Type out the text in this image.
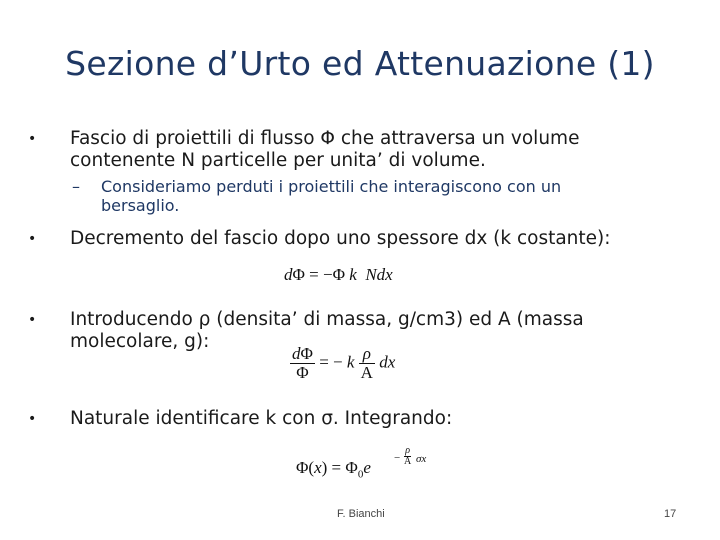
Sezione d’Urto ed Attenuazione (1)
• Fascio di proiettili di flusso Φ che attraversa un volume
contenente N particelle per unita’ di volume.
– Consideriamo perduti i proiettili che interagiscono con un
bersaglio.
• Decremento del fascio dopo uno spessore dx (k costante):
dΦ = −Φ k Ndx
• Introducendo ρ (densita’ di massa, g/cm3) ed A (massa
molecolare, g):
$\frac{d\Phi}{\Phi}$ = − k $\frac{\rho}{A}$ dx
• Naturale identificare k con σ. Integrando:
$\Phi(x) = \Phi_0e$
ρ
A
− σx
F. Bianchi	17
